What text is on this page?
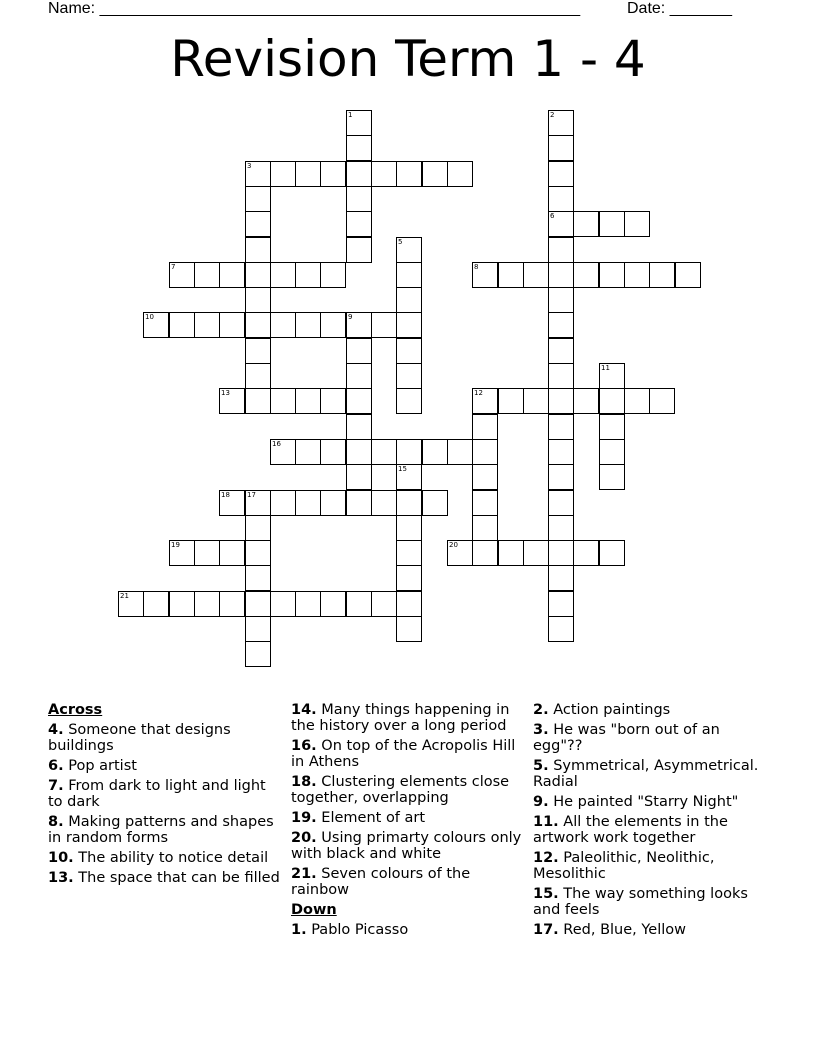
Name: ______________________________________________________	Date: _______
Revision Term 1 - 4
3
6
7	8
10	9
13	12
16
18 17
19	20
21
1	2
5
11
15
Across
4. Someone that designs buildings
6. Pop artist
7. From dark to light and light to dark
8. Making patterns and shapes in random forms
10. The ability to notice detail
13. The space that can be filled
14. Many things happening in the history over a long period
16. On top of the Acropolis Hill in Athens
18. Clustering elements close together, overlapping
19. Element of art
20. Using primarty colours only with black and white
21. Seven colours of the rainbow
Down
1. Pablo Picasso
2. Action paintings
3. He was "born out of an egg"??
5. Symmetrical, Asymmetrical. Radial
9. He painted "Starry Night"
11. All the elements in the artwork work together
12. Paleolithic, Neolithic, Mesolithic
15. The way something looks and feels
17. Red, Blue, Yellow
